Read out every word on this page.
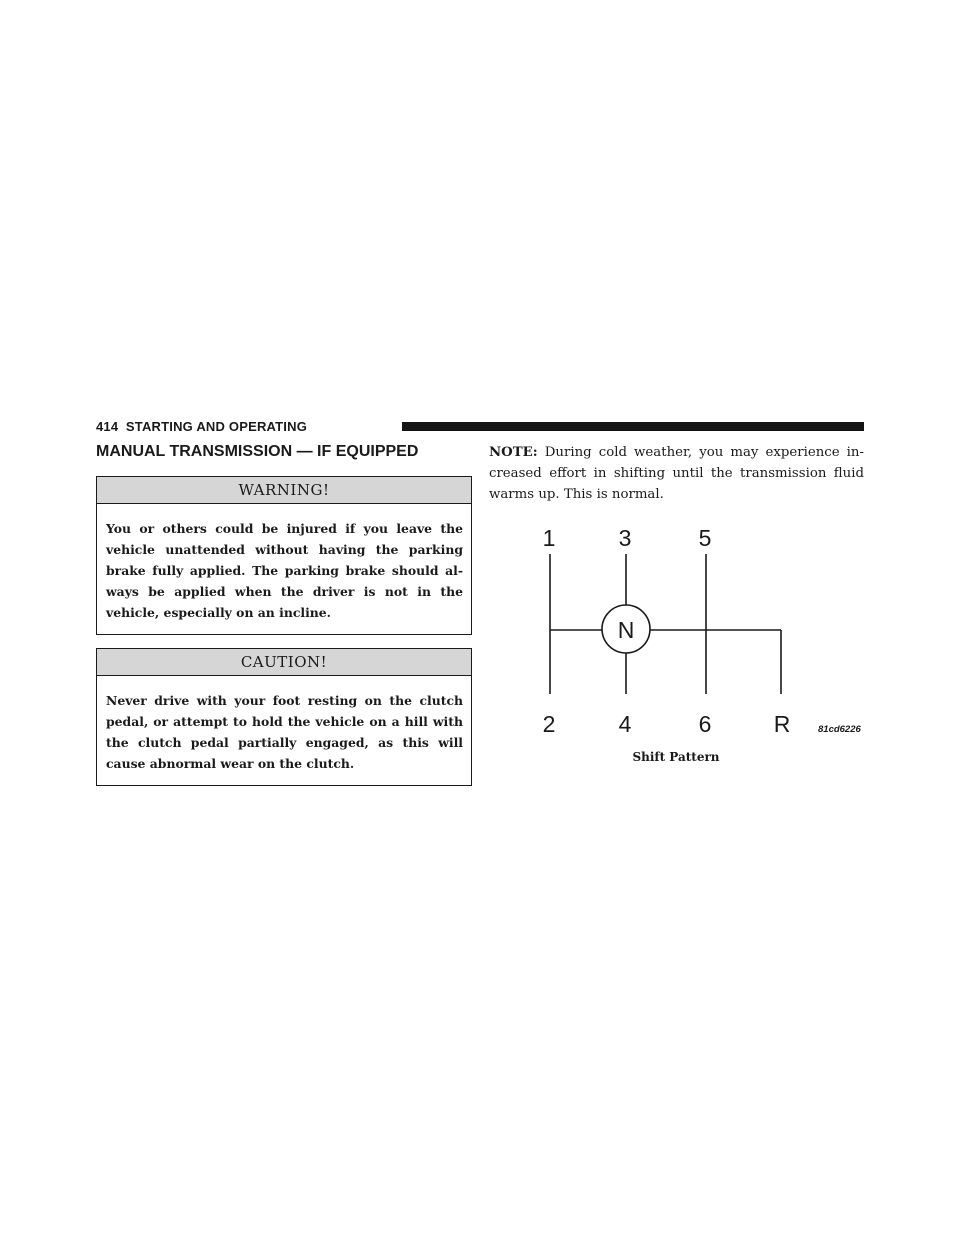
414 STARTING AND OPERATING
MANUAL TRANSMISSION — IF EQUIPPED
WARNING!
You or others could be injured if you leave the vehicle unattended without having the parking brake fully applied. The parking brake should always be applied when the driver is not in the vehicle, especially on an incline.
CAUTION!
Never drive with your foot resting on the clutch pedal, or attempt to hold the vehicle on a hill with the clutch pedal partially engaged, as this will cause abnormal wear on the clutch.

NOTE: During cold weather, you may experience increased effort in shifting until the transmission fluid warms up. This is normal.

1	3	5
N
2	4	6	R	81cd6226
Shift Pattern
